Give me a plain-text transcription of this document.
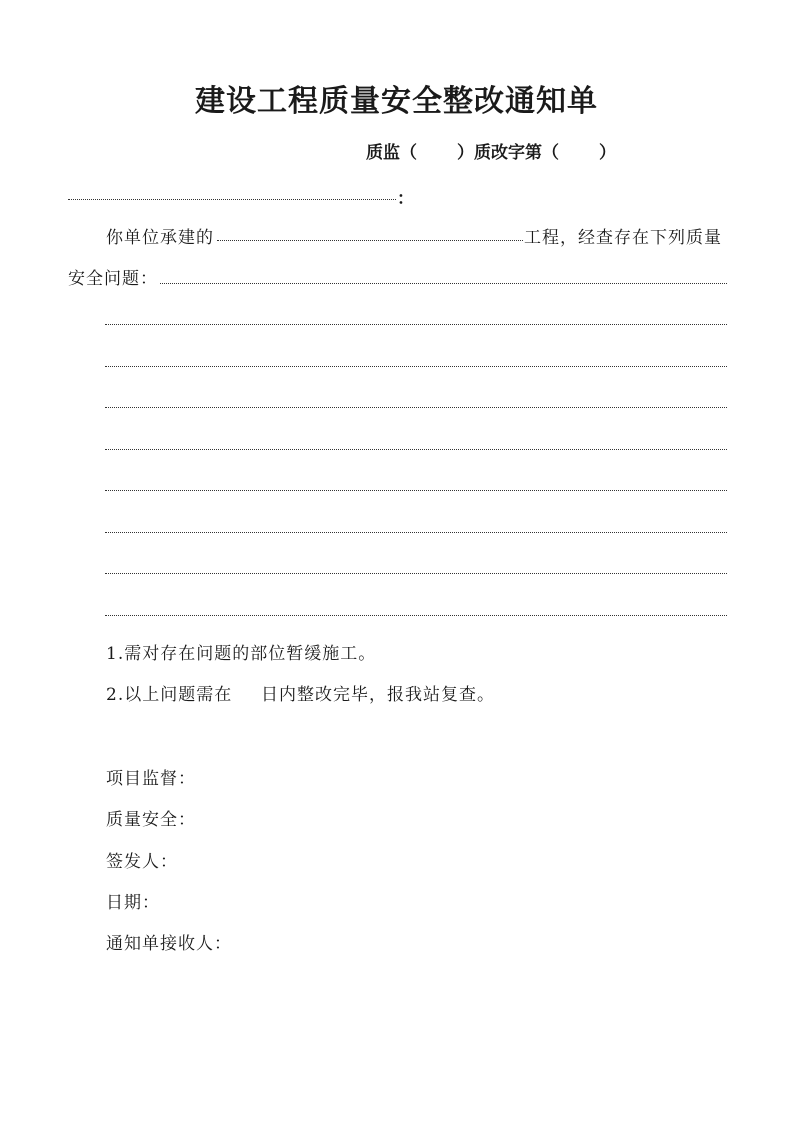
建设工程质量安全整改通知单
质监（ ）质改字第（ ）
：
你单位承建的	工程，经查存在下列质量
安全问题：
1.需对存在问题的部位暂缓施工。
2.以上问题需在 日内整改完毕，报我站复查。
项目监督：
质量安全：
签发人：
日期：
通知单接收人：
